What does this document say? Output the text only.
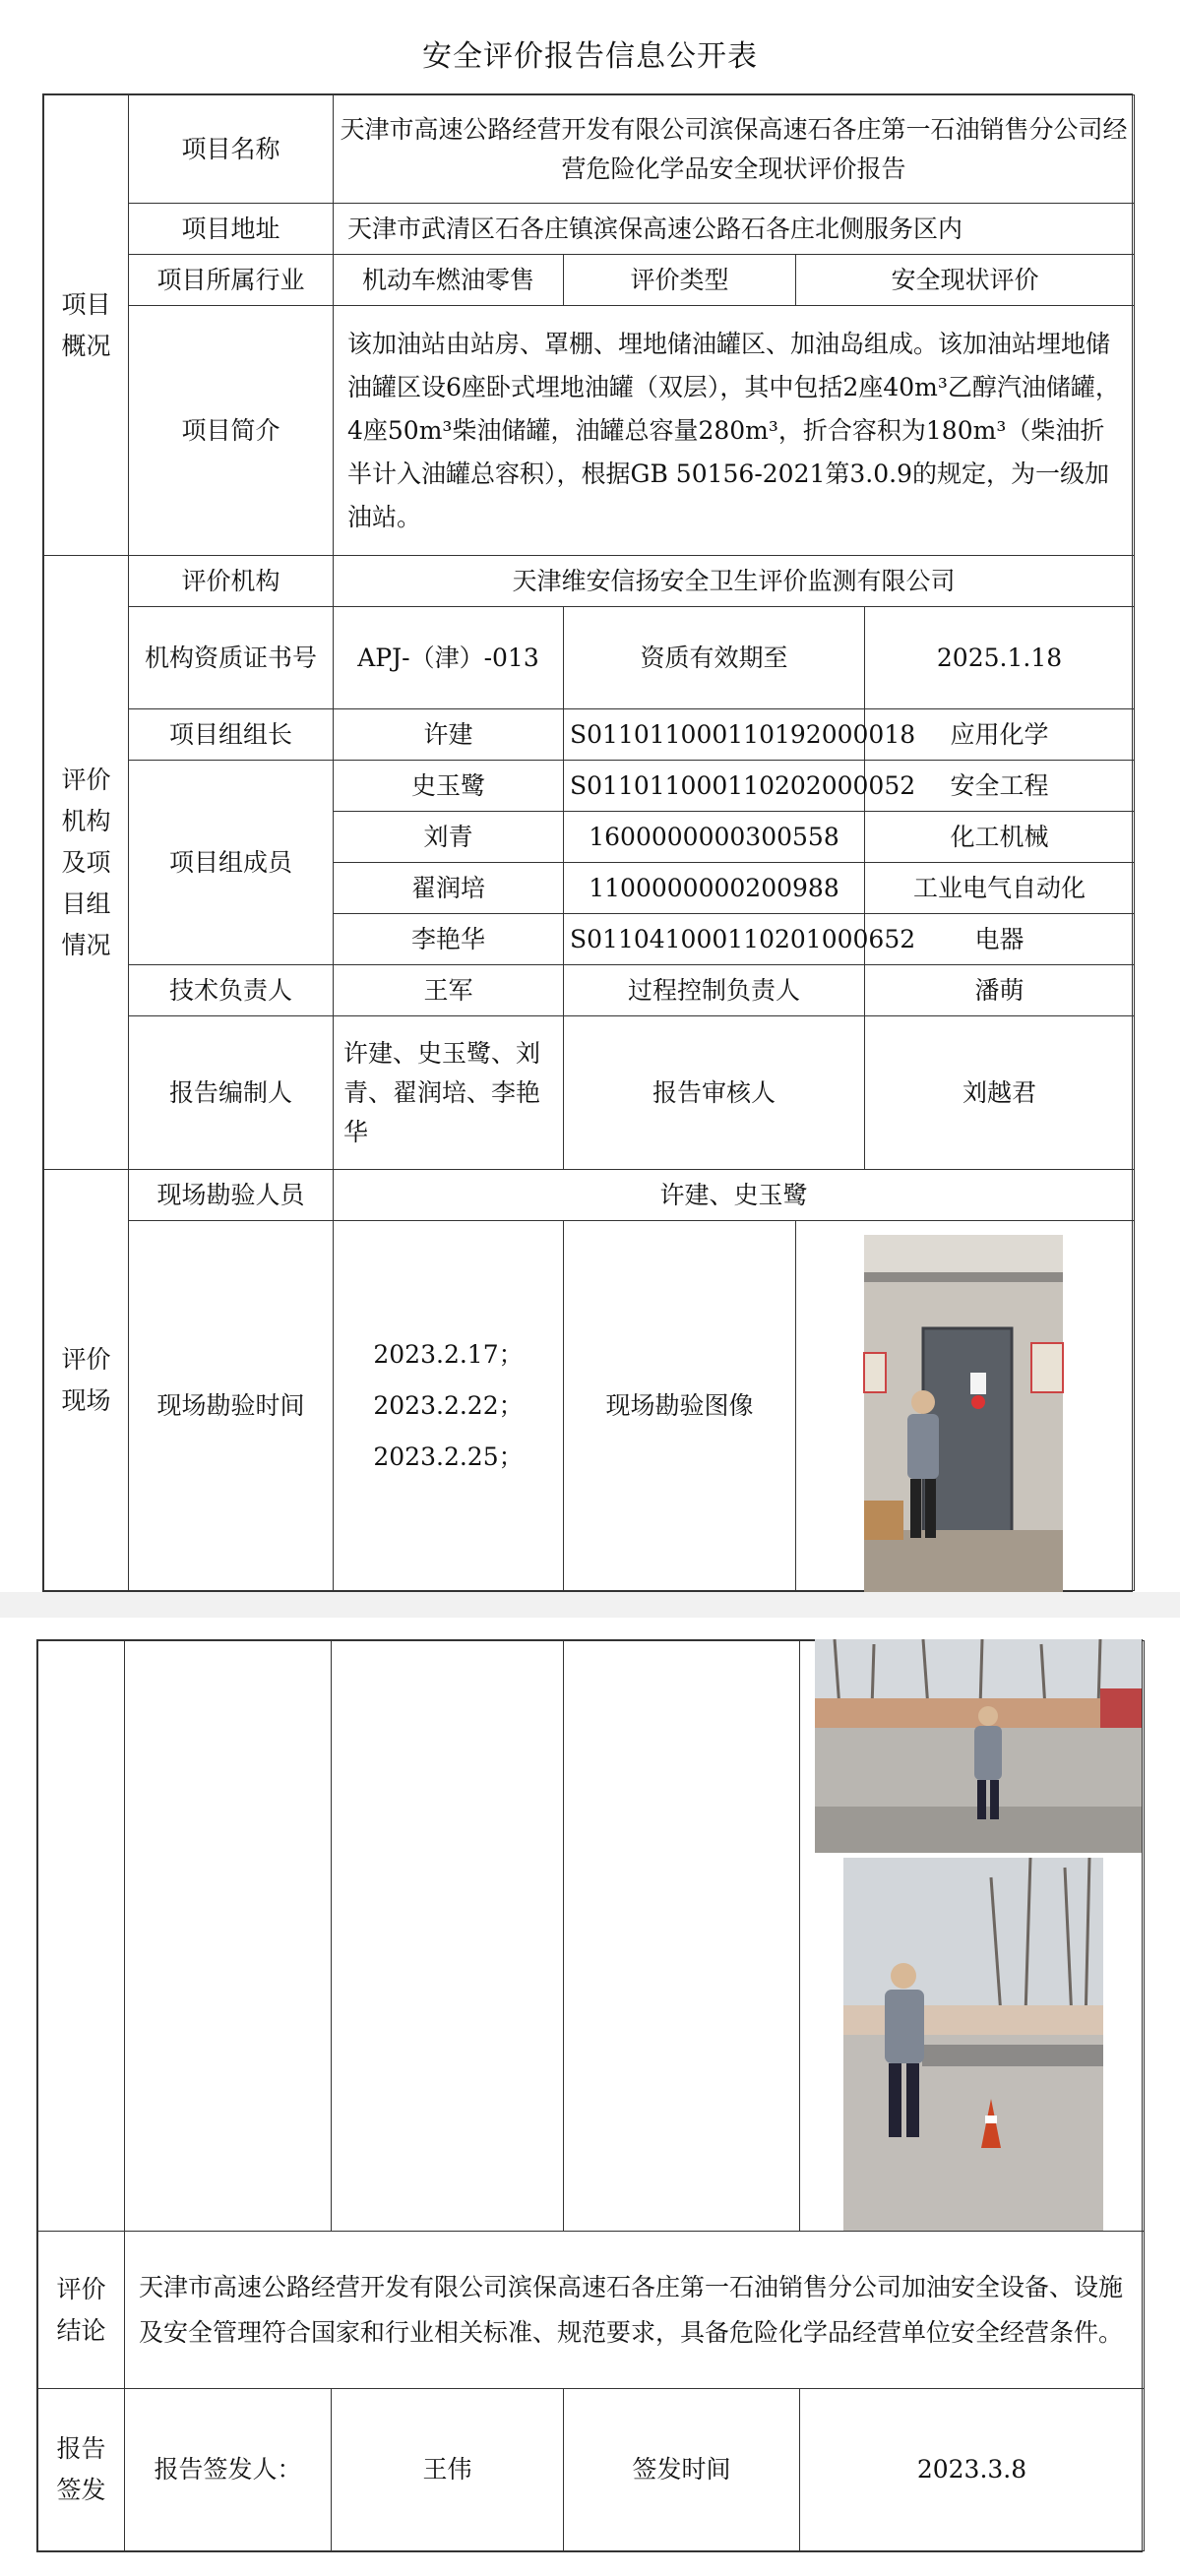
安全评价报告信息公开表
项目概况	项目名称	天津市高速公路经营开发有限公司滨保高速石各庄第一石油销售分公司经营危险化学品安全现状评价报告			
	项目地址	天津市武清区石各庄镇滨保高速公路石各庄北侧服务区内			
	项目所属行业	机动车燃油零售	评价类型	安全现状评价	
	项目简介	该加油站由站房、罩棚、埋地储油罐区、加油岛组成。该加油站埋地储油罐区设6座卧式埋地油罐（双层），其中包括2座40m³乙醇汽油储罐，4座50m³柴油储罐，油罐总容量280m³，折合容积为180m³（柴油折半计入油罐总容积），根据GB 50156-2021第3.0.9的规定，为一级加油站。			
评价机构及项目组情况	评价机构	天津维安信扬安全卫生评价监测有限公司			
	机构资质证书号	APJ-（津）-013	资质有效期至		2025.1.18
	项目组组长	许建	S011011000110192000018		应用化学
	项目组成员	史玉鹭	S011011000110202000052		安全工程
		刘青	1600000000300558		化工机械
		翟润培	1100000000200988		工业电气自动化
		李艳华	S011041000110201000652		电器
	技术负责人	王军	过程控制负责人		潘萌
	报告编制人	许建、史玉鹭、刘青、翟润培、李艳华	报告审核人		刘越君
评价现场	现场勘验人员	许建、史玉鹭			
	现场勘验时间	2023.2.17；
2023.2.22；
2023.2.25；	现场勘验图像		

评价结论	天津市高速公路经营开发有限公司滨保高速石各庄第一石油销售分公司加油安全设备、设施及安全管理符合国家和行业相关标准、规范要求，具备危险化学品经营单位安全经营条件。			
报告签发	报告签发人：	王伟	签发时间	2023.3.8
